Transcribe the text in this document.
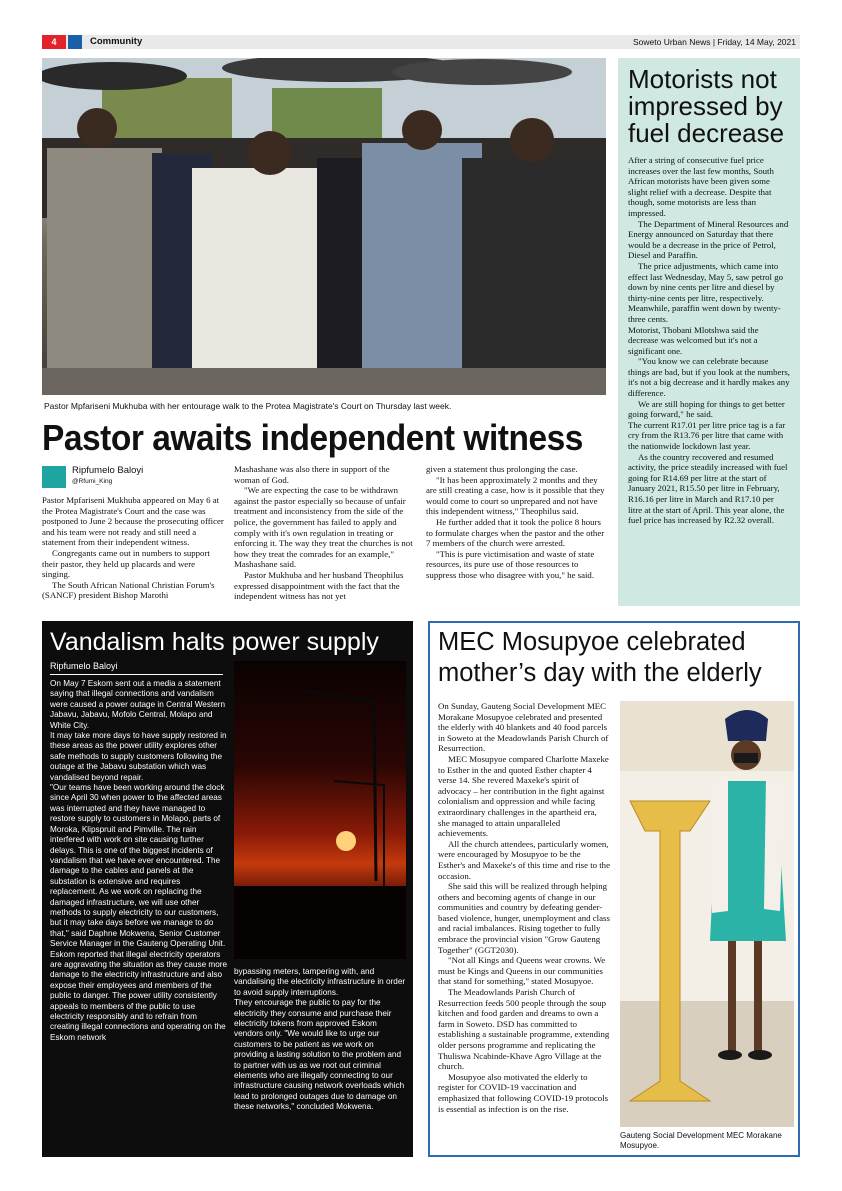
4	Community	Soweto Urban News | Friday, 14 May, 2021
Pastor Mpfariseni Mukhuba with her entourage walk to the Protea Magistrate's Court on Thursday last week.
Motorists not impressed by fuel decrease

After a string of consecutive fuel price increases over the last few months, South African motorists have been given some slight relief with a decrease. Despite that though, some motorists are less than impressed.

The Department of Mineral Resources and Energy announced on Saturday that there would be a decrease in the price of Petrol, Diesel and Paraffin.

The price adjustments, which came into effect last Wednesday, May 5, saw petrol go down by nine cents per litre and diesel by thirty-nine cents per litre, respectively. Meanwhile, paraffin went down by twenty-three cents.

Motorist, Thobani Mlotshwa said the decrease was welcomed but it's not a significant one.

"You know we can celebrate because things are bad, but if you look at the numbers, it's not a big decrease and it hardly makes any difference.

We are still hoping for things to get better going forward," he said.

The current R17.01 per litre price tag is a far cry from the R13.76 per litre that came with the nationwide lockdown last year.

As the country recovered and resumed activity, the price steadily increased with fuel going for R14.69 per litre at the start of January 2021, R15.50 per litre in February, R16.16 per litre in March and R17.10 per litre at the start of April. This year alone, the fuel price has increased by R2.32 overall.

Pastor awaits independent witness
Ripfumelo Baloyi
@Rfumi_King

Pastor Mpfariseni Mukhuba appeared on May 6 at the Protea Magistrate's Court and the case was postponed to June 2 because the prosecuting officer and his team were not ready and still need a statement from their independent witness.

Congregants came out in numbers to support their pastor, they held up placards and were singing.

The South African National Christian Forum's (SANCF) president Bishop Marothi

Mashashane was also there in support of the woman of God.

"We are expecting the case to be withdrawn against the pastor especially so because of unfair treatment and inconsistency from the side of the police, the government has failed to apply and comply with it's own regulation in treating or enforcing it. The way they treat the churches is not how they treat the comrades for an example," Mashashane said.

Pastor Mukhuba and her husband Theophilus expressed disappointment with the fact that the independent witness has not yet

given a statement thus prolonging the case.

"It has been approximately 2 months and they are still creating a case, how is it possible that they would come to court so unprepared and not have this independent witness," Theophilus said.

He further added that it took the police 8 hours to formulate charges when the pastor and the other 7 members of the church were arrested.

"This is pure victimisation and waste of state resources, its pure use of those resources to suppress those who disagree with you," he said.

Vandalism halts power supply
Ripfumelo Baloyi

On May 7 Eskom sent out a media a statement saying that illegal connections and vandalism were caused a power outage in Central Western Jabavu, Jabavu, Mofolo Central, Molapo and White City.

It may take more days to have supply restored in these areas as the power utility explores other safe methods to supply customers following the outage at the Jabavu substation which was vandalised beyond repair.

"Our teams have been working around the clock since April 30 when power to the affected areas was interrupted and they have managed to restore supply to customers in Molapo, parts of Moroka, Klipspruit and Pimville. The rain interfered with work on site causing further delays. This is one of the biggest incidents of vandalism that we have ever encountered. The damage to the cables and panels at the substation is extensive and requires replacement. As we work on replacing the damaged infrastructure, we will use other methods to supply electricity to our customers, but it may take days before we manage to do that," said Daphne Mokwena, Senior Customer Service Manager in the Gauteng Operating Unit.

Eskom reported that illegal electricity operators are aggravating the situation as they cause more damage to the electricity infrastructure and also expose their employees and members of the public to danger. The power utility consistently appeals to members of the public to use electricity responsibly and to refrain from creating illegal connections and operating on the Eskom network

bypassing meters, tampering with, and vandalising the electricity infrastructure in order to avoid supply interruptions.

They encourage the public to pay for the electricity they consume and purchase their electricity tokens from approved Eskom vendors only. "We would like to urge our customers to be patient as we work on providing a lasting solution to the problem and to partner with us as we root out criminal elements who are illegally connecting to our infrastructure causing network overloads which lead to prolonged outages due to damage on these networks," concluded Mokwena.

MEC Mosupyoe celebrated mother’s day with the elderly

On Sunday, Gauteng Social Development MEC Morakane Mosupyoe celebrated and presented the elderly with 40 blankets and 40 food parcels in Soweto at the Meadowlands Parish Church of Resurrection.

MEC Mosupyoe compared Charlotte Maxeke to Esther in the and quoted Esther chapter 4 verse 14. She revered Maxeke's spirit of advocacy – her contribution in the fight against colonialism and oppression and while facing extraordinary challenges in the apartheid era, she managed to attain unparalleled achievements.

All the church attendees, particularly women, were encouraged by Mosupyoe to be the Esther's and Maxeke's of this time and rise to the occasion.

She said this will be realized through helping others and becoming agents of change in our communities and country by defeating gender-based violence, hunger, unemployment and class and racial imbalances. Rising together to fully embrace the provincial vision "Grow Gauteng Together" (GGT2030).

"Not all Kings and Queens wear crowns. We must be Kings and Queens in our communities that stand for something," stated Mosupyoe.

The Meadowlands Parish Church of Resurrection feeds 500 people through the soup kitchen and food garden and dreams to own a farm in Soweto. DSD has committed to establishing a sustainable programme, extending older persons programme and replicating the Thuliswa Ncabinde-Khave Agro Village at the church.

Mosupyoe also motivated the elderly to register for COVID-19 vaccination and emphasized that following COVID-19 protocols is essential as infection is on the rise.

Gauteng Social Development MEC Morakane Mosupyoe.
